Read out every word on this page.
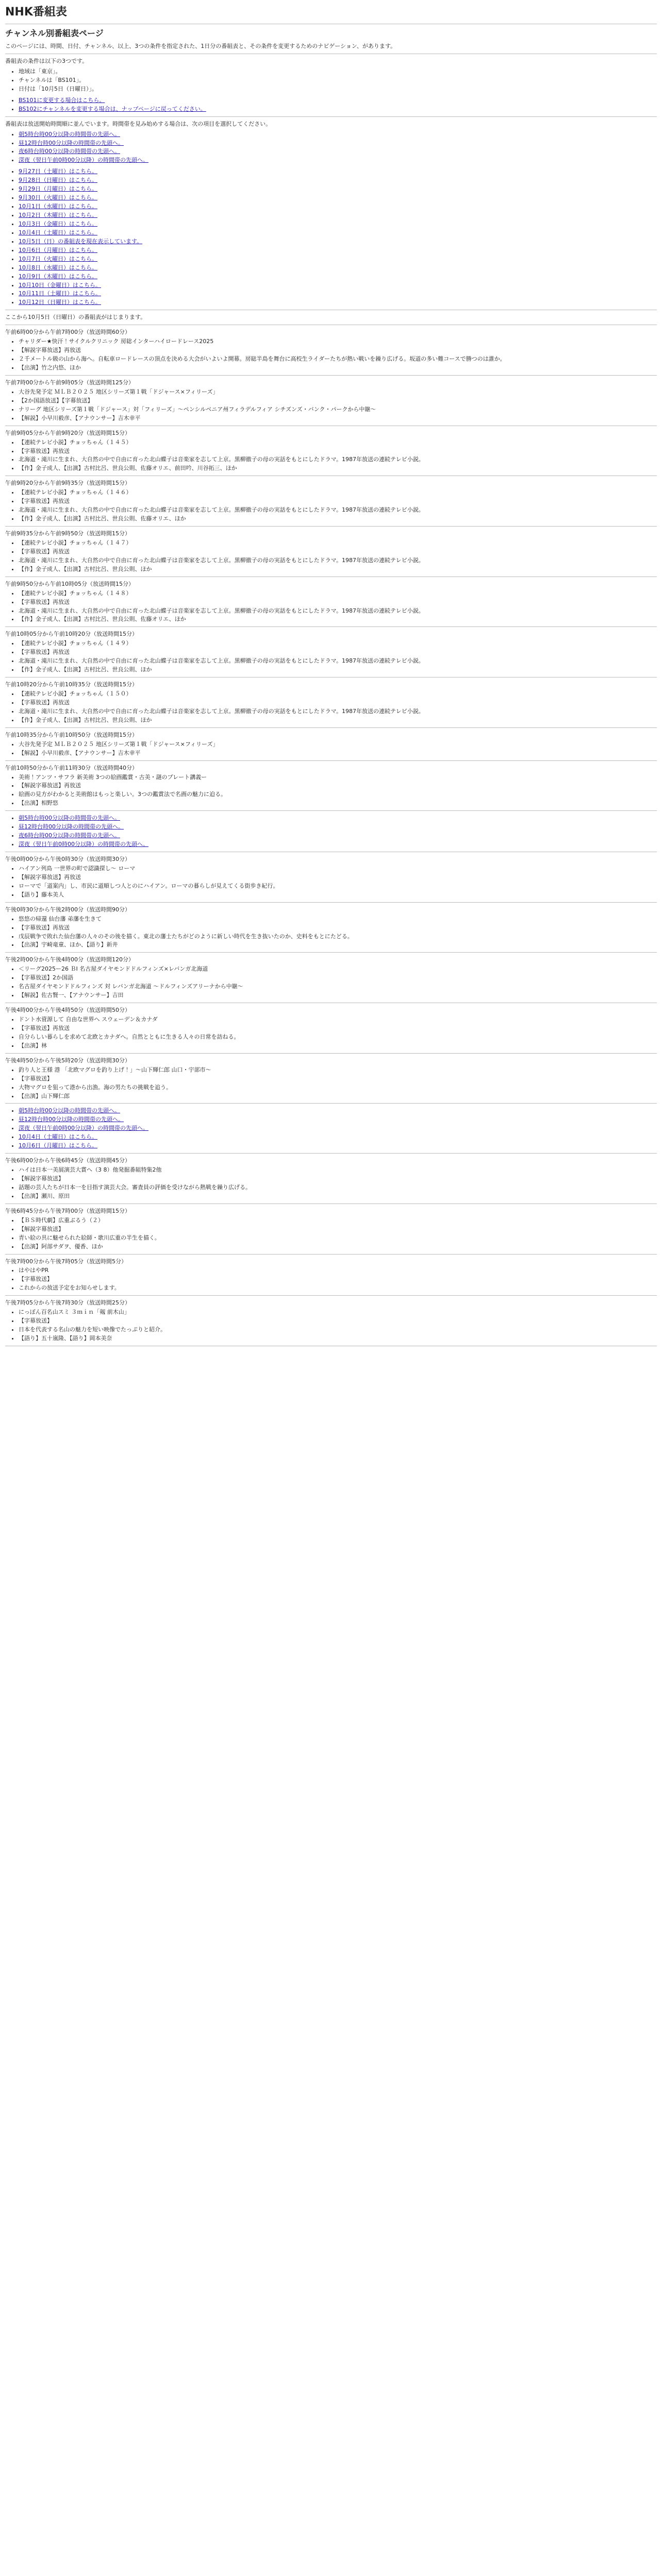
NHK番組表
チャンネル別番組表ページ

このページには、時間、日付、チャンネル、以上、3つの条件を指定された、1日分の番組表と、その条件を変更するためのナビゲーション、があります。

番組表の条件は以下の3つです。

• 地域は「東京」。
• チャンネルは「BS101」。
• 日付は「10月5日（日曜日）」。
• BS101に変更する場合はこちら。
• BS102にチャンネルを変更する場合は、ナップページに戻ってください。

番組表は放送開始時間順に並んでいます。時間帯を見み始めする場合は、次の項目を選択してください。

• 朝5時台時00分以降の時間帯の先頭へ。
• 昼12時台時00分以降の時間帯の先頭へ。
• 夜6時台時00分以降の時間帯の先頭へ。
• 深夜（翌日午前0時00分以降）の時間帯の先頭へ。
• 9月27日（土曜日）はこちら。
• 9月28日（日曜日）はこちら。
• 9月29日（月曜日）はこちら。
• 9月30日（火曜日）はこちら。
• 10月1日（水曜日）はこちら。
• 10月2日（木曜日）はこちら。
• 10月3日（金曜日）はこちら。
• 10月4日（土曜日）はこちら。
• 10月5日（日）の番組表を現在表示しています。
• 10月6日（月曜日）はこちら。
• 10月7日（火曜日）はこちら。
• 10月8日（水曜日）はこちら。
• 10月9日（木曜日）はこちら。
• 10月10日（金曜日）はこちら。
• 10月11日（土曜日）はこちら。
• 10月12日（日曜日）はこちら。

ここから10月5日（日曜日）の番組表がはじまります。

午前6時00分から午前7時00分（放送時間60分）
• チャリダー★快汗！サイクルクリニック 房総インターハイロードレース2025
• 【解説字幕放送】再放送
• ２千メートル級の山から海へ。自転車ロードレースの頂点を決める大会がいよいよ開幕。房総半島を舞台に高校生ライダーたちが熱い戦いを繰り広げる。坂道の多い難コースで勝つのは誰か。
• 【出演】竹之内悠、ほか
午前7時00分から午前9時05分（放送時間125分）
• 大谷先発予定 ＭＬＢ２０２５ 地区シリーズ第１戦「ドジャース×フィリーズ」
• 【2か国語放送】【字幕放送】
• ナリーグ 地区シリーズ第１戦「ドジャース」対「フィリーズ」〜ペンシルベニア州フィラデルフィア シチズンズ・バンク・パークから中継〜
• 【解説】小早川毅彦、【アナウンサー】吉木幸平
午前9時05分から午前9時20分（放送時間15分）
• 【連続テレビ小説】チョッちゃん（１４５）
• 【字幕放送】再放送
• 北海道・滝川に生まれ、大自然の中で自由に育った北山蝶子は音楽家を志して上京。黒柳徹子の母の実話をもとにしたドラマ。1987年放送の連続テレビ小説。
• 【作】金子成人、【出演】古村比呂、世良公則、佐藤オリエ、前田吟、川谷拓三、ほか
午前9時20分から午前9時35分（放送時間15分）
• 【連続テレビ小説】チョッちゃん（１４６）
• 【字幕放送】再放送
• 北海道・滝川に生まれ、大自然の中で自由に育った北山蝶子は音楽家を志して上京。黒柳徹子の母の実話をもとにしたドラマ。1987年放送の連続テレビ小説。
• 【作】金子成人、【出演】古村比呂、世良公則、佐藤オリエ、ほか
午前9時35分から午前9時50分（放送時間15分）
• 【連続テレビ小説】チョッちゃん（１４７）
• 【字幕放送】再放送
• 北海道・滝川に生まれ、大自然の中で自由に育った北山蝶子は音楽家を志して上京。黒柳徹子の母の実話をもとにしたドラマ。1987年放送の連続テレビ小説。
• 【作】金子成人、【出演】古村比呂、世良公則、ほか
午前9時50分から午前10時05分（放送時間15分）
• 【連続テレビ小説】チョッちゃん（１４８）
• 【字幕放送】再放送
• 北海道・滝川に生まれ、大自然の中で自由に育った北山蝶子は音楽家を志して上京。黒柳徹子の母の実話をもとにしたドラマ。1987年放送の連続テレビ小説。
• 【作】金子成人、【出演】古村比呂、世良公則、佐藤オリエ、ほか
午前10時05分から午前10時20分（放送時間15分）
• 【連続テレビ小説】チョッちゃん（１４９）
• 【字幕放送】再放送
• 北海道・滝川に生まれ、大自然の中で自由に育った北山蝶子は音楽家を志して上京。黒柳徹子の母の実話をもとにしたドラマ。1987年放送の連続テレビ小説。
• 【作】金子成人、【出演】古村比呂、世良公則、ほか
午前10時20分から午前10時35分（放送時間15分）
• 【連続テレビ小説】チョッちゃん（１５０）
• 【字幕放送】再放送
• 北海道・滝川に生まれ、大自然の中で自由に育った北山蝶子は音楽家を志して上京。黒柳徹子の母の実話をもとにしたドラマ。1987年放送の連続テレビ小説。
• 【作】金子成人、【出演】古村比呂、世良公則、ほか
午前10時35分から午前10時50分（放送時間15分）
• 大谷先発予定 ＭＬＢ２０２５ 地区シリーズ第１戦「ドジャース×フィリーズ」
• 【解説】小早川毅彦、【アナウンサー】吉木幸平
午前10時50分から午前11時30分（放送時間40分）
• 美術！アンツ・サフラ 新美術 3つの絵画鑑賞・古美・謎のプレート講義ー
• 【解説字幕放送】再放送
• 絵画の見方がわかると美術館はもっと楽しい。3つの鑑賞法で名画の魅力に迫る。
• 【出演】相野悠
• 朝5時台時00分以降の時間帯の先頭へ。
• 昼12時台時00分以降の時間帯の先頭へ。
• 夜6時台時00分以降の時間帯の先頭へ。
• 深夜（翌日午前0時00分以降）の時間帯の先頭へ。
午後0時00分から午後0時30分（放送時間30分）
• ハイアン列島 一世界の町で認識探し〜 ローマ
• 【解説字幕放送】再放送
• ローマで「道案内」し、市民に道順しつ人とのにハイアン。ローマの暮らしが見えてくる街歩き紀行。
• 【語り】藤本美人
午後0時30分から午後2時00分（放送時間90分）
• 悠悠の帰還 仙台藩 弟藩を生きて
• 【字幕放送】再放送
• 戊辰戦争で敗れた仙台藩の人々のその後を描く。東北の藩士たちがどのように新しい時代を生き抜いたのか、史料をもとにたどる。
• 【出演】宇崎竜童、ほか、【語り】新井
午後2時00分から午後4時00分（放送時間120分）
• ＜リーグ2025ー26 ＢⅠ 名古屋ダイヤモンドドルフィンズ×レバンガ北海道
• 【字幕放送】2か国語
• 名古屋ダイヤモンドドルフィンズ 対 レバンガ北海道 〜ドルフィンズアリーナから中継〜
• 【解説】佐古賢一、【アナウンサー】吉田
午後4時00分から午後4時50分（放送時間50分）
• ドント水資源して 自由な世界へ スウェーデン＆カナダ
• 【字幕放送】再放送
• 自分らしい暮らしを求めて北欧とカナダへ。自然とともに生きる人々の日常を訪ねる。
• 【出演】林
午後4時50分から午後5時20分（放送時間30分）
• 釣り人と王様 港 「北欧マグロを釣り上げ！」〜山下輝仁郎 山口・宇部市〜
• 【字幕放送】
• 大物マグロを狙って港から出漁。海の男たちの挑戦を追う。
• 【出演】山下輝仁郎
• 朝5時台時00分以降の時間帯の先頭へ。
• 昼12時台時00分以降の時間帯の先頭へ。
• 深夜（翌日午前0時00分以降）の時間帯の先頭へ。
• 10月4日（土曜日）はこちら。
• 10月6日（月曜日）はこちら。
午後6時00分から午後6時45分（放送時間45分）
• ハイは日本一美展演芸大賞へ（3 8）他発掘番組特集2他
• 【解説字幕放送】
• 話題の芸人たちが日本一を目指す演芸大会。審査員の評価を受けながら熱戦を繰り広げる。
• 【出演】瀬川、原田
午後6時45分から午後7時00分（放送時間15分）
• 【ＢＳ時代劇】広重ぶるう（２）
• 【解説字幕放送】
• 青い絵の具に魅せられた絵師・歌川広重の半生を描く。
• 【出演】阿部サダヲ、優香、ほか
午後7時00分から午後7時05分（放送時間5分）
• はやはやPR
• 【字幕放送】
• これからの放送予定をお知らせします。
午後7時05分から午後7時30分（放送時間25分）
• にっぽん百名山スミ ３ｍｉｎ「剱 前木山」
• 【字幕放送】
• 日本を代表する名山の魅力を短い映像でたっぷりと紹介。
• 【語り】五十嵐隆、【語り】岡本美奈
